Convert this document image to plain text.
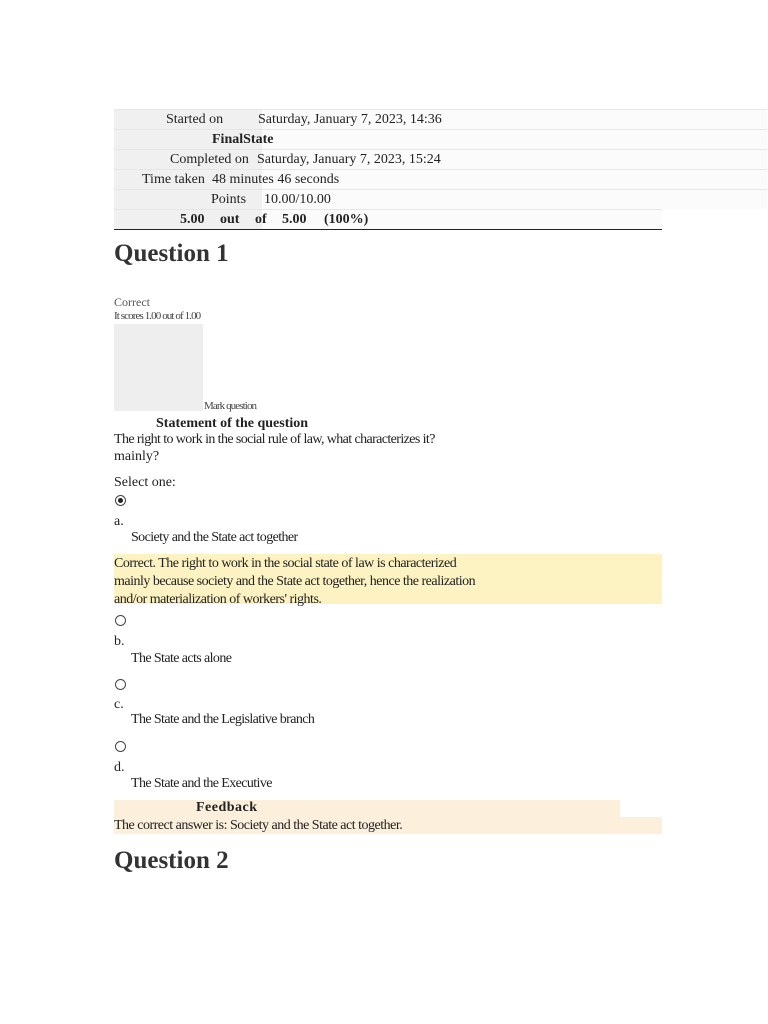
Started on Saturday, January 7, 2023, 14:36
FinalState
Completed on Saturday, January 7, 2023, 15:24
Time taken 48 minutes 46 seconds
Points 10.00/10.00
5.00 out of 5.00 (100%)
Question 1
Correct
It scores 1.00 out of 1.00
Mark question
Statement of the question
The right to work in the social rule of law, what characterizes it?
mainly?
Select one:
a.
Society and the State act together
Correct. The right to work in the social state of law is characterized
mainly because society and the State act together, hence the realization
and/or materialization of workers' rights.
b.
The State acts alone
c.
The State and the Legislative branch
d.
The State and the Executive
Feedback
The correct answer is: Society and the State act together.
Question 2
